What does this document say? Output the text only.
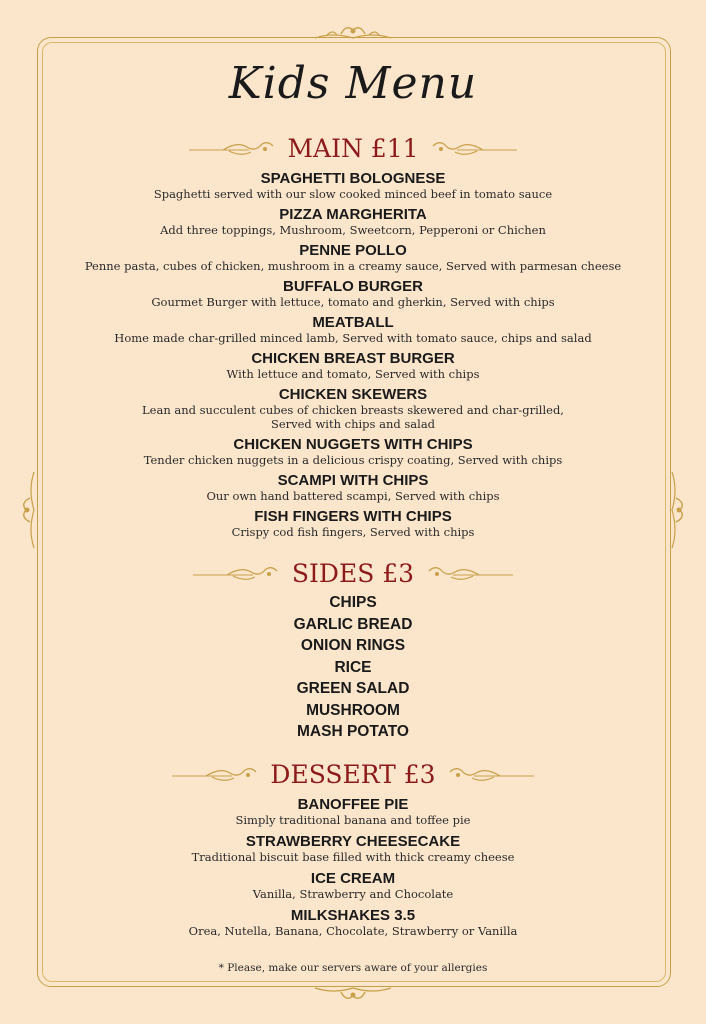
Kids Menu
MAIN £11
SPAGHETTI BOLOGNESE
Spaghetti served with our slow cooked minced beef in tomato sauce
PIZZA MARGHERITA
Add three toppings, Mushroom, Sweetcorn, Pepperoni or Chichen
PENNE POLLO
Penne pasta, cubes of chicken, mushroom in a creamy sauce, Served with parmesan cheese
BUFFALO BURGER
Gourmet Burger with lettuce, tomato and gherkin, Served with chips
MEATBALL
Home made char-grilled minced lamb, Served with tomato sauce, chips and salad
CHICKEN BREAST BURGER
With lettuce and tomato, Served with chips
CHICKEN SKEWERS
Lean and succulent cubes of chicken breasts skewered and char-grilled,
Served with chips and salad
CHICKEN NUGGETS WITH CHIPS
Tender chicken nuggets in a delicious crispy coating, Served with chips
SCAMPI WITH CHIPS
Our own hand battered scampi, Served with chips
FISH FINGERS WITH CHIPS
Crispy cod fish fingers, Served with chips
SIDES £3
CHIPS
GARLIC BREAD
ONION RINGS
RICE
GREEN SALAD
MUSHROOM
MASH POTATO
DESSERT £3
BANOFFEE PIE
Simply traditional banana and toffee pie
STRAWBERRY CHEESECAKE
Traditional biscuit base filled with thick creamy cheese
ICE CREAM
Vanilla, Strawberry and Chocolate
MILKSHAKES 3.5
Orea, Nutella, Banana, Chocolate, Strawberry or Vanilla
* Please, make our servers aware of your allergies
